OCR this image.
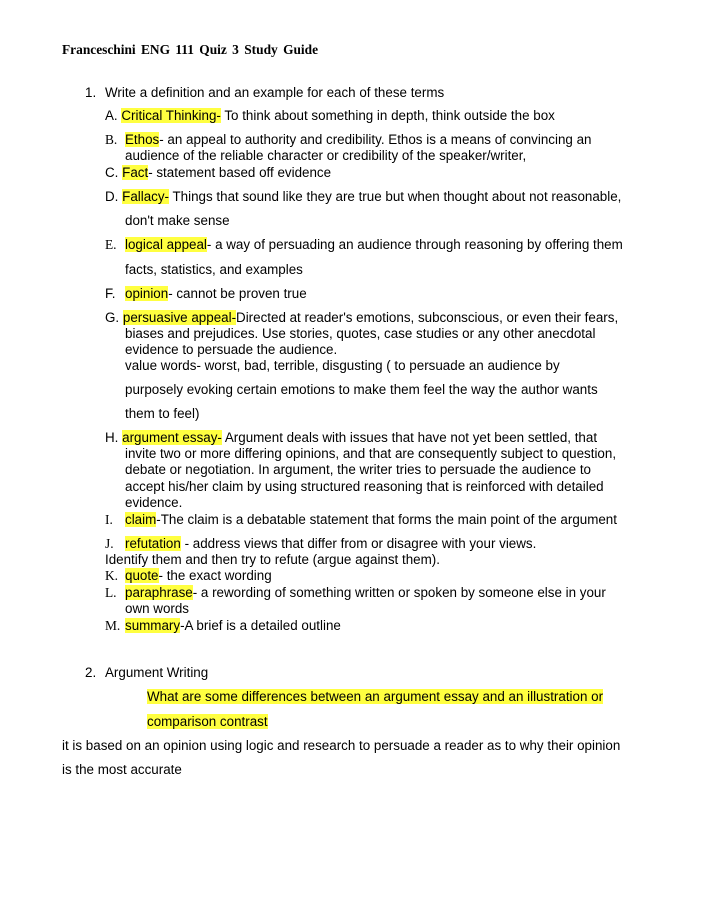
Franceschini ENG 111 Quiz 3 Study Guide
1. Write a definition and an example for each of these terms
A. Critical Thinking- To think about something in depth, think outside the box
B. Ethos- an appeal to authority and credibility. Ethos is a means of convincing an
audience of the reliable character or credibility of the speaker/writer,
C. Fact- statement based off evidence
D. Fallacy- Things that sound like they are true but when thought about not reasonable,
don't make sense
E. logical appeal- a way of persuading an audience through reasoning by offering them
facts, statistics, and examples
F. opinion- cannot be proven true
G. persuasive appeal-Directed at reader's emotions, subconscious, or even their fears,
biases and prejudices. Use stories, quotes, case studies or any other anecdotal
evidence to persuade the audience.
value words- worst, bad, terrible, disgusting ( to persuade an audience by
purposely evoking certain emotions to make them feel the way the author wants
them to feel)
H. argument essay- Argument deals with issues that have not yet been settled, that
invite two or more differing opinions, and that are consequently subject to question,
debate or negotiation. In argument, the writer tries to persuade the audience to
accept his/her claim by using structured reasoning that is reinforced with detailed
evidence.
I. claim-The claim is a debatable statement that forms the main point of the argument
J. refutation - address views that differ from or disagree with your views.
Identify them and then try to refute (argue against them).
K. quote- the exact wording
L. paraphrase- a rewording of something written or spoken by someone else in your
own words
M. summary-A brief is a detailed outline
2. Argument Writing
What are some differences between an argument essay and an illustration or
comparison contrast
it is based on an opinion using logic and research to persuade a reader as to why their opinion
is the most accurate
